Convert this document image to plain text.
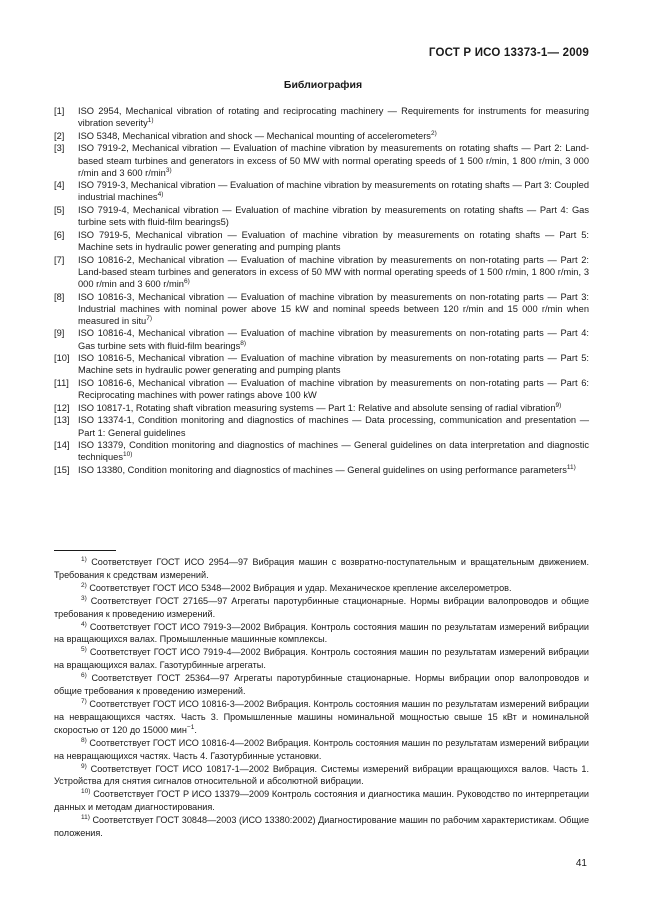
ГОСТ Р ИСО 13373-1— 2009
Библиография
[1]	ISO 2954, Mechanical vibration of rotating and reciprocating machinery — Requirements for instruments for measuring vibration severity$^{1)}$
[2]	ISO 5348, Mechanical vibration and shock — Mechanical mounting of accelerometers$^{2)}$
[3]	ISO 7919-2, Mechanical vibration — Evaluation of machine vibration by measurements on rotating shafts — Part 2: Land-based steam turbines and generators in excess of 50 MW with normal operating speeds of 1 500 r/min, 1 800 r/min, 3 000 r/min and 3 600 $r/\min^{3)}$
[4]	ISO 7919-3, Mechanical vibration — Evaluation of machine vibration by measurements on rotating shafts — Part 3: Coupled industrial machines$^{4)}$
[5]	ISO 7919-4, Mechanical vibration — Evaluation of machine vibration by measurements on rotating shafts — Part 4: Gas turbine sets with fluid-film bearings5)
[6]	ISO 7919-5, Mechanical vibration — Evaluation of machine vibration by measurements on rotating shafts — Part 5: Machine sets in hydraulic power generating and pumping plants
[7]	ISO 10816-2, Mechanical vibration — Evaluation of machine vibration by measurements on non-rotating parts — Part 2: Land-based steam turbines and generators in excess of 50 MW with normal operating speeds of 1 500 r/min, 1 800 r/min, 3 000 r/min and 3 600 $r/\min^{6)}$
[8]	ISO 10816-3, Mechanical vibration — Evaluation of machine vibration by measurements on non-rotating parts — Part 3: Industrial machines with nominal power above 15 kW and nominal speeds between 120 r/min and 15 000 r/min when measured in situ$^{7)}$
[9]	ISO 10816-4, Mechanical vibration — Evaluation of machine vibration by measurements on non-rotating parts — Part 4: Gas turbine sets with fluid-film bearings$^{8)}$
[10] ISO 10816-5, Mechanical vibration — Evaluation of machine vibration by measurements on non-rotating parts — Part 5: Machine sets in hydraulic power generating and pumping plants
[11] ISO 10816-6, Mechanical vibration — Evaluation of machine vibration by measurements on non-rotating parts — Part 6: Reciprocating machines with power ratings above 100 kW
[12] ISO 10817-1, Rotating shaft vibration measuring systems — Part 1: Relative and absolute sensing of radial vibration$^{9)}$
[13] ISO 13374-1, Condition monitoring and diagnostics of machines — Data processing, communication and presentation — Part 1: General guidelines
[14] ISO 13379, Condition monitoring and diagnostics of machines — General guidelines on data interpretation and diagnostic techniques$^{10)}$
[15] ISO 13380, Condition monitoring and diagnostics of machines — General guidelines on using performance parameters$^{11)}$

$^{1)}$ Соответствует ГОСТ ИСО 2954—97 Вибрация машин с возвратно-поступательным и вращательным движением. Требования к средствам измерений.

$^{2)}$ Соответствует ГОСТ ИСО 5348—2002 Вибрация и удар. Механическое крепление акселерометров.

$^{3)}$ Соответствует ГОСТ 27165—97 Агрегаты паротурбинные стационарные. Нормы вибрации валопроводов и общие требования к проведению измерений.

$^{4)}$ Соответствует ГОСТ ИСО 7919-3—2002 Вибрация. Контроль состояния машин по результатам измерений вибрации на вращающихся валах. Промышленные машинные комплексы.

$^{5)}$ Соответствует ГОСТ ИСО 7919-4—2002 Вибрация. Контроль состояния машин по результатам измерений вибрации на вращающихся валах. Газотурбинные агрегаты.

$^{6)}$ Соответствует ГОСТ 25364—97 Агрегаты паротурбинные стационарные. Нормы вибрации опор валопроводов и общие требования к проведению измерений.

$^{7)}$ Соответствует ГОСТ ИСО 10816-3—2002 Вибрация. Контроль состояния машин по результатам измерений вибрации на невращающихся частях. Часть 3. Промышленные машины номинальной мощностью свыше 15 кВт и номинальной скоростью от 120 до 15000 мин$^{-1}$.

$^{8)}$ Соответствует ГОСТ ИСО 10816-4—2002 Вибрация. Контроль состояния машин по результатам измерений вибрации на невращающихся частях. Часть 4. Газотурбинные установки.

$^{9)}$ Соответствует ГОСТ ИСО 10817-1—2002 Вибрация. Системы измерений вибрации вращающихся валов. Часть 1. Устройства для снятия сигналов относительной и абсолютной вибрации.

$^{10)}$ Соответствует ГОСТ Р ИСО 13379—2009 Контроль состояния и диагностика машин. Руководство по интерпретации данных и методам диагностирования.

$^{11)}$ Соответствует ГОСТ 30848—2003 (ИСО 13380:2002) Диагностирование машин по рабочим характеристикам. Общие положения.

41
